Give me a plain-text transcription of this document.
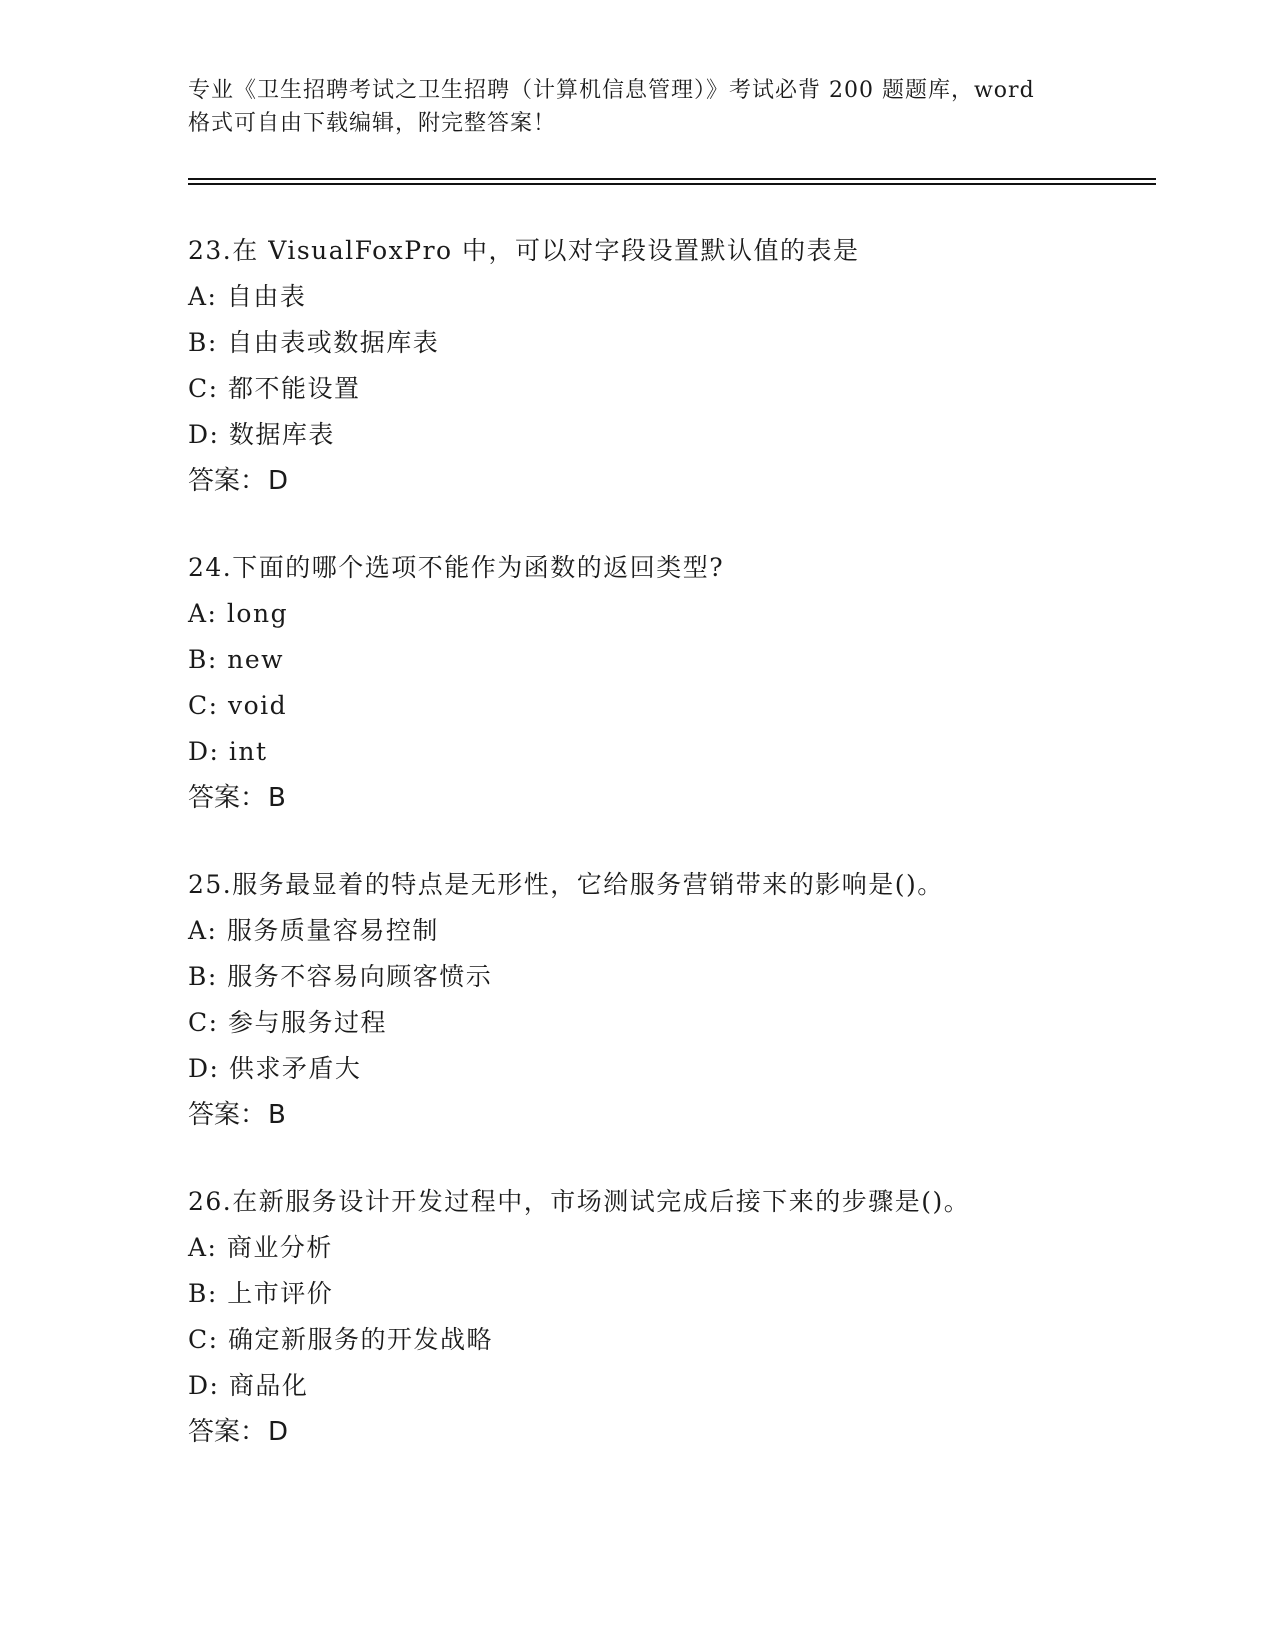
专业《卫生招聘考试之卫生招聘（计算机信息管理）》考试必背 200 题题库，word
格式可自由下载编辑，附完整答案！
23.在 VisualFoxPro 中，可以对字段设置默认值的表是
A: 自由表
B: 自由表或数据库表
C: 都不能设置
D: 数据库表
答案：D
24.下面的哪个选项不能作为函数的返回类型?
A: long
B: new
C: void
D: int
答案：B
25.服务最显着的特点是无形性，它给服务营销带来的影响是()。
A: 服务质量容易控制
B: 服务不容易向顾客愤示
C: 参与服务过程
D: 供求矛盾大
答案：B
26.在新服务设计开发过程中，市场测试完成后接下来的步骤是()。
A: 商业分析
B: 上市评价
C: 确定新服务的开发战略
D: 商品化
答案：D
